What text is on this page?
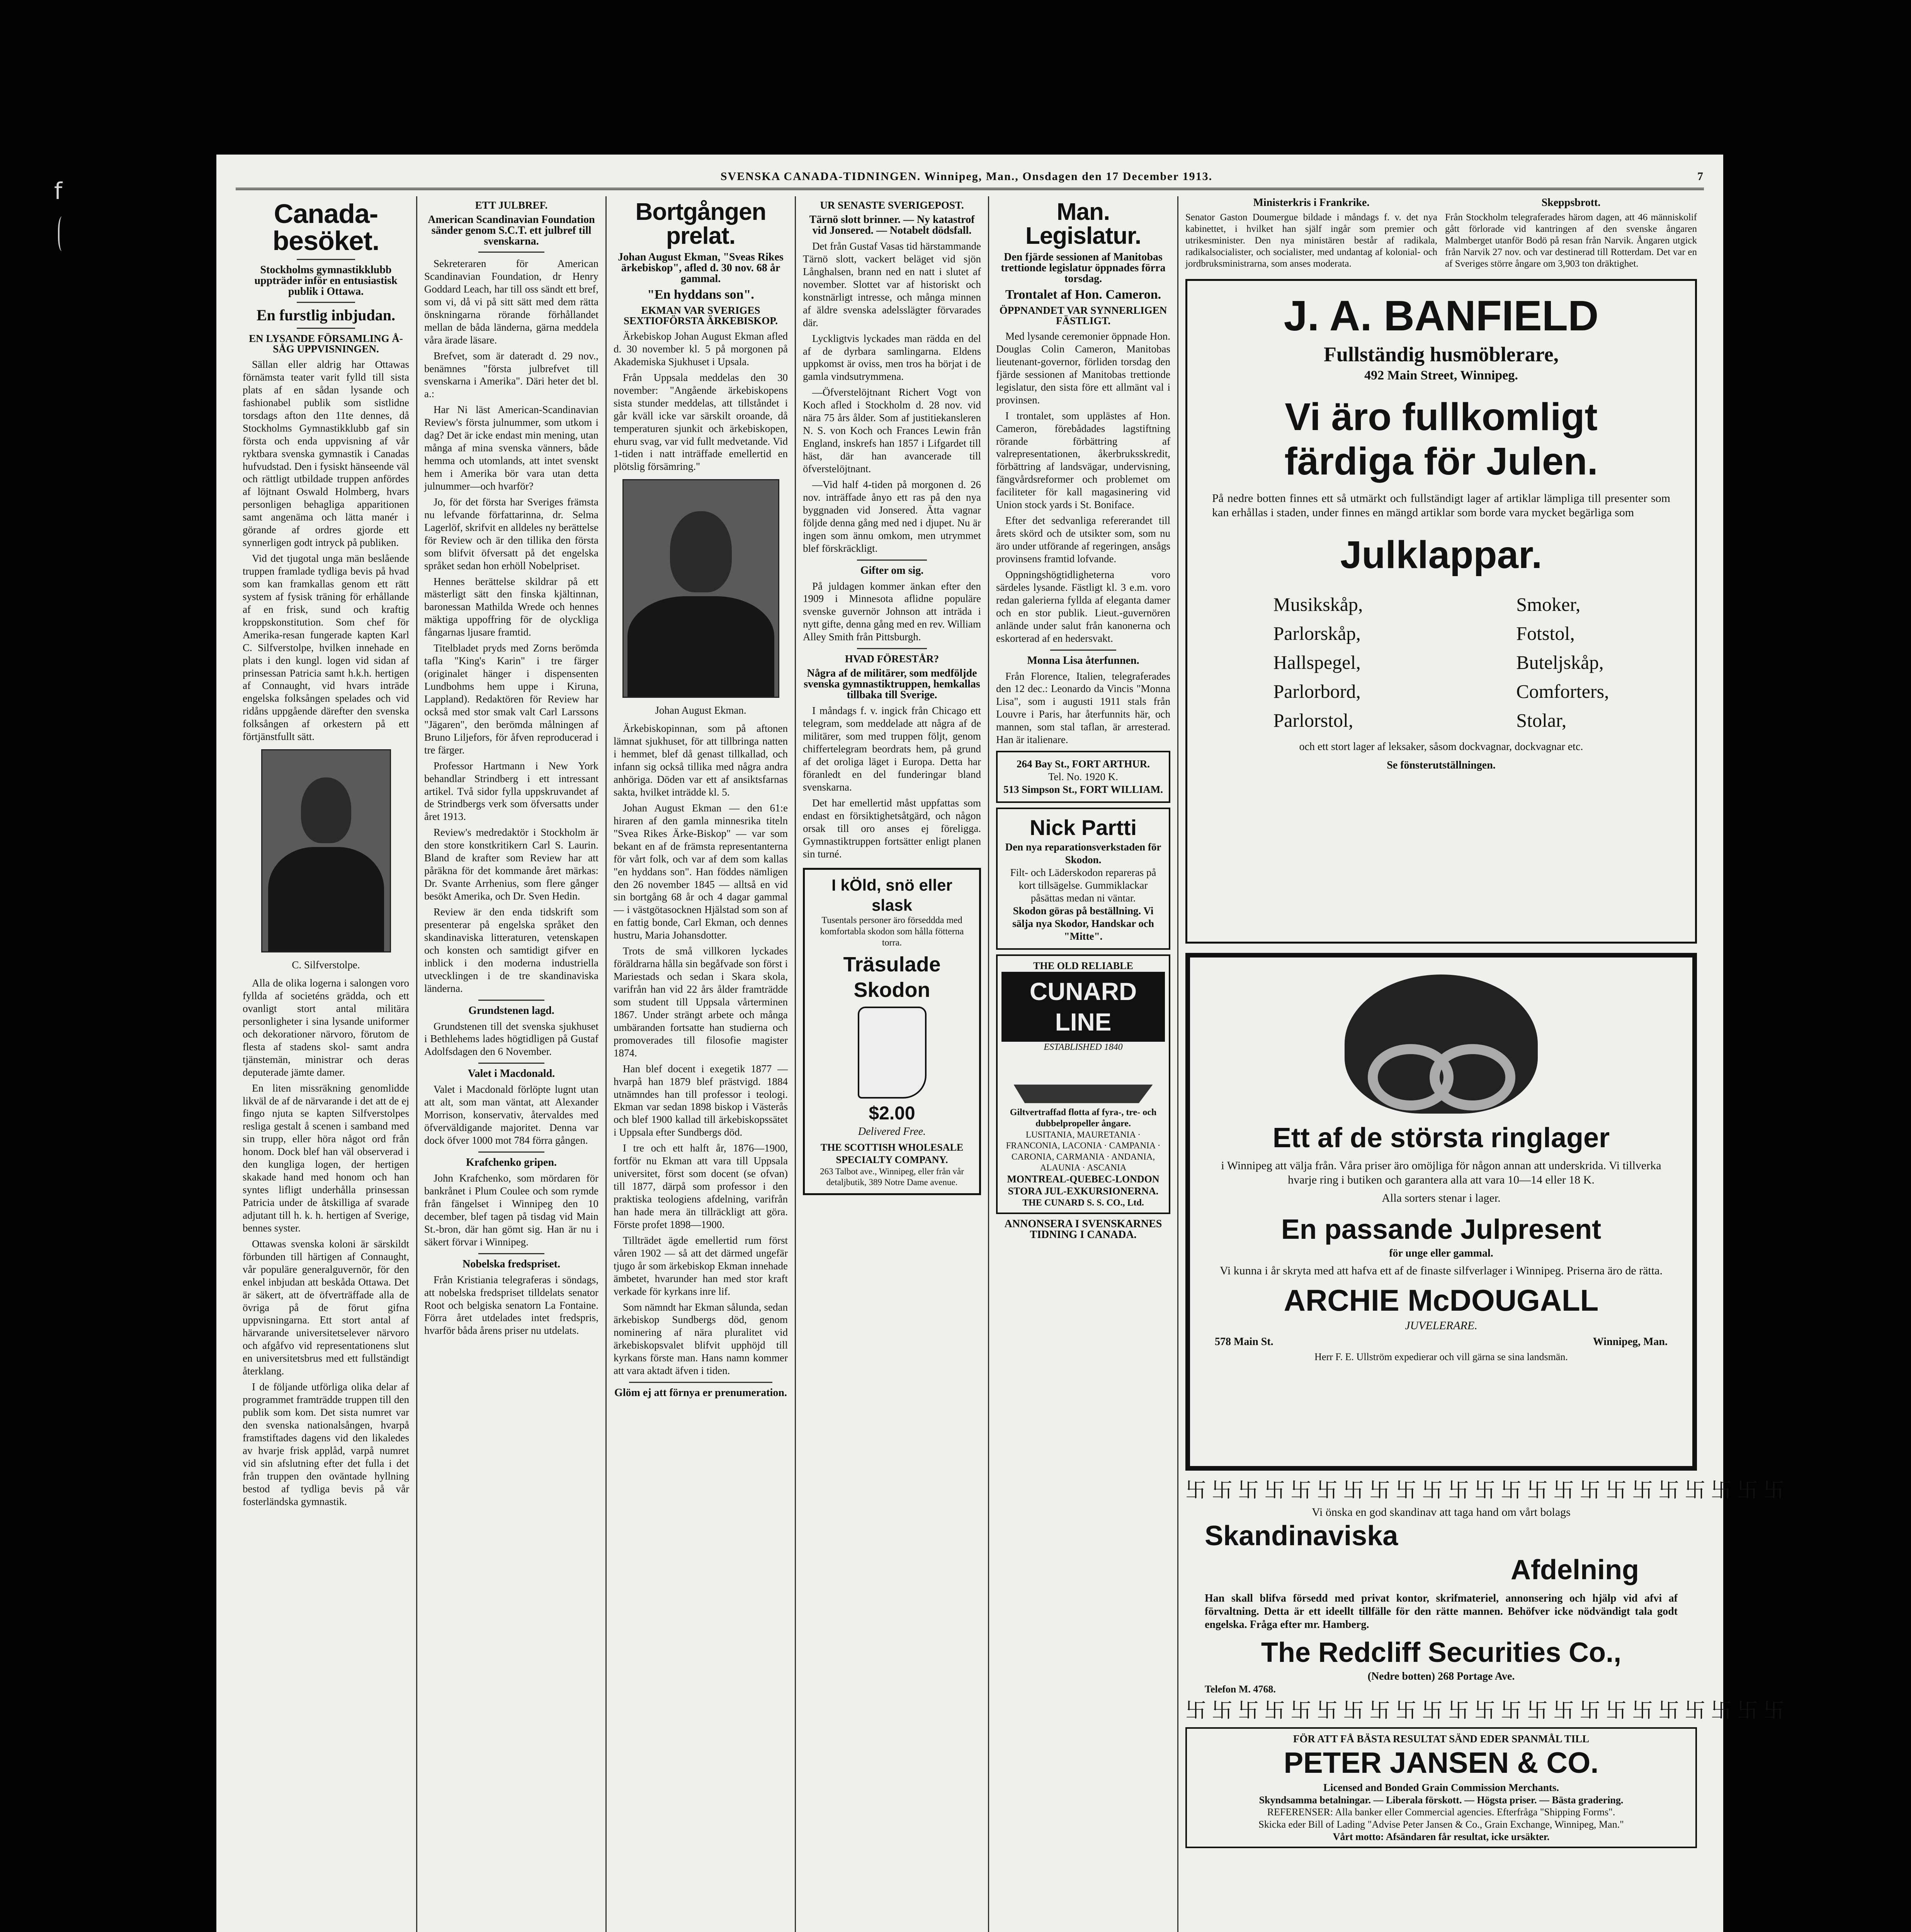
f
SVENSKA CANADA-TIDNINGEN. Winnipeg, Man., Onsdagen den 17 December 1913.	7
Canada-besöket.
Stockholms gymnastikklubb uppträder inför en entusiastisk publik i Ottawa.
En furstlig inbjudan.
EN LYSANDE FÖRSAMLING Å-SÅG UPPVISNINGEN.

Sällan eller aldrig har Ottawas förnämsta teater varit fylld till sista plats af en sådan lysande och fashionabel publik som sistlidne torsdags afton den 11te dennes, då Stockholms Gymnastikklubb gaf sin första och enda uppvisning af vår ryktbara svenska gymnastik i Canadas hufvudstad. Den i fysiskt hänseende väl och rättligt utbildade truppen anfördes af löjtnant Oswald Holmberg, hvars personligen behagliga apparitionen samt angenäma och lätta manér i görande af ordres gjorde ett synnerligen godt intryck på publiken.

Vid det tjugotal unga män beslående truppen framlade tydliga bevis på hvad som kan framkallas genom ett rätt system af fysisk träning för erhållande af en frisk, sund och kraftig kroppskonstitution. Som chef för Amerika-resan fungerade kapten Karl C. Silfverstolpe, hvilken innehade en plats i den kungl. logen vid sidan af prinsessan Patricia samt h.k.h. hertigen af Connaught, vid hvars inträde engelska folksången spelades och vid ridåns uppgående därefter den svenska folksången af orkestern på ett förtjänstfullt sätt.

C. Silfverstolpe.

Alla de olika logerna i salongen voro fyllda af societéns grädda, och ett ovanligt stort antal militära personligheter i sina lysande uniformer och dekorationer närvoro, förutom de flesta af stadens skol- samt andra tjänstemän, ministrar och deras deputerade jämte damer.

En liten missräkning genomlidde likväl de af de närvarande i det att de ej fingo njuta se kapten Silfverstolpes resliga gestalt å scenen i samband med sin trupp, eller höra något ord från honom. Dock blef han väl observerad i den kungliga logen, der hertigen skakade hand med honom och han syntes lifligt underhålla prinsessan Patricia under de åtskilliga af svarade adjutant till h. k. h. hertigen af Sverige, bennes syster.

Ottawas svenska koloni är särskildt förbunden till härtigen af Connaught, vår populäre generalguvernör, för den enkel inbjudan att beskåda Ottawa. Det är säkert, att de öfverträffade alla de övriga på de förut gifna uppvisningarna. Ett stort antal af härvarande universitetselever närvoro och afgåfvo vid representationens slut en universitetsbrus med ett fullständigt återklang.

I de följande utförliga olika delar af programmet framträdde truppen till den publik som kom. Det sista numret var den svenska nationalsången, hvarpå framstiftades dagens vid den likaledes av hvarje frisk applåd, varpå numret vid sin afslutning efter det fulla i det från truppen den oväntade hyllning bestod af tydliga bevis på vår fosterländska gymnastik.

ETT JULBREF.
American Scandinavian Foundation sänder genom S.C.T. ett julbref till svenskarna.

Sekreteraren för American Scandinavian Foundation, dr Henry Goddard Leach, har till oss sändt ett bref, som vi, då vi på sitt sätt med dem rätta önskningarna rörande förhållandet mellan de båda länderna, gärna meddela våra ärade läsare.

Brefvet, som är dateradt d. 29 nov., benämnes "första julbrefvet till svenskarna i Amerika". Däri heter det bl. a.:

Har Ni läst American-Scandinavian Review's första julnummer, som utkom i dag? Det är icke endast min mening, utan många af mina svenska vänners, både hemma och utomlands, att intet svenskt hem i Amerika bör vara utan detta julnummer—och hvarför?

Jo, för det första har Sveriges främsta nu lefvande författarinna, dr. Selma Lagerlöf, skrifvit en alldeles ny berättelse för Review och är den tillika den första som blifvit öfversatt på det engelska språket sedan hon erhöll Nobelpriset.

Hennes berättelse skildrar på ett mästerligt sätt den finska kjältinnan, baronessan Mathilda Wrede och hennes mäktiga uppoffring för de olyckliga fångarnas ljusare framtid.

Titelbladet pryds med Zorns berömda tafla "King's Karin" i tre färger (originalet hänger i dispensenten Lundbohms hem uppe i Kiruna, Lappland). Redaktören för Review har också med stor smak valt Carl Larssons "Jägaren", den berömda målningen af Bruno Liljefors, för åfven reproducerad i tre färger.

Professor Hartmann i New York behandlar Strindberg i ett intressant artikel. Två sidor fylla uppskruvandet af de Strindbergs verk som öfversatts under året 1913.

Review's medredaktör i Stockholm är den store konstkritikern Carl S. Laurin. Bland de krafter som Review har att påräkna för det kommande året märkas: Dr. Svante Arrhenius, som flere gånger besökt Amerika, och Dr. Sven Hedin.

Review är den enda tidskrift som presenterar på engelska språket den skandinaviska litteraturen, vetenskapen och konsten och samtidigt gifver en inblick i den moderna industriella utvecklingen i de tre skandinaviska länderna.

Grundstenen lagd.

Grundstenen till det svenska sjukhuset i Bethlehems lades högtidligen på Gustaf Adolfsdagen den 6 November.

Valet i Macdonald.

Valet i Macdonald förlöpte lugnt utan att alt, som man väntat, att Alexander Morrison, konservativ, återvaldes med öfverväldigande majoritet. Denna var dock öfver 1000 mot 784 förra gången.

Krafchenko gripen.

John Krafchenko, som mördaren för bankrånet i Plum Coulee och som rymde från fängelset i Winnipeg den 10 december, blef tagen på tisdag vid Main St.-bron, där han gömt sig. Han är nu i säkert förvar i Winnipeg.

Nobelska fredspriset.

Från Kristiania telegraferas i söndags, att nobelska fredspriset tilldelats senator Root och belgiska senatorn La Fontaine. Förra året utdelades intet fredspris, hvarför båda årens priser nu utdelats.

Bortgången prelat.
Johan August Ekman, "Sveas Rikes ärkebiskop", afled d. 30 nov. 68 år gammal.
"En hyddans son".
EKMAN VAR SVERIGES SEXTIOFÖRSTA ÄRKEBISKOP.

Ärkebiskop Johan August Ekman afled d. 30 november kl. 5 på morgonen på Akademiska Sjukhuset i Upsala.

Från Uppsala meddelas den 30 november: "Angående ärkebiskopens sista stunder meddelas, att tillståndet i går kväll icke var särskilt oroande, då temperaturen sjunkit och ärkebiskopen, ehuru svag, var vid fullt medvetande. Vid 1-tiden i natt inträffade emellertid en plötslig försämring."

Johan August Ekman.

Ärkebiskopinnan, som på aftonen lämnat sjukhuset, för att tillbringa natten i hemmet, blef då genast tillkallad, och infann sig också tillika med några andra anhöriga. Döden var ett af ansiktsfarnas sakta, hvilket inträdde kl. 5.

Johan August Ekman — den 61:e hiraren af den gamla minnesrika titeln "Svea Rikes Ärke-Biskop" — var som bekant en af de främsta representanterna för vårt folk, och var af dem som kallas "en hyddans son". Han föddes nämligen den 26 november 1845 — alltså en vid sin bortgång 68 år och 4 dagar gammal — i västgötasocknen Hjälstad som son af en fattig bonde, Carl Ekman, och dennes hustru, Maria Johansdotter.

Trots de små villkoren lyckades föräldrarna hålla sin begåfvade son först i Mariestads och sedan i Skara skola, varifrån han vid 22 års ålder framträdde som student till Uppsala vårterminen 1867. Under strängt arbete och många umbäranden fortsatte han studierna och promoverades till filosofie magister 1874.

Han blef docent i exegetik 1877 — hvarpå han 1879 blef prästvigd. 1884 utnämndes han till professor i teologi. Ekman var sedan 1898 biskop i Västerås och blef 1900 kallad till ärkebiskopssätet i Uppsala efter Sundbergs död.

I tre och ett halft år, 1876—1900, fortför nu Ekman att vara till Uppsala universitet, först som docent (se ofvan) till 1877, därpå som professor i den praktiska teologiens afdelning, varifrån han hade mera än tillräckligt att göra. Förste profet 1898—1900.

Tillträdet ägde emellertid rum först våren 1902 — så att det därmed ungefär tjugo år som ärkebiskop Ekman innehade ämbetet, hvarunder han med stor kraft verkade för kyrkans inre lif.

Som nämndt har Ekman sålunda, sedan ärkebiskop Sundbergs död, genom nominering af nära pluralitet vid ärkebiskopsvalet blifvit upphöjd till kyrkans förste man. Hans namn kommer att vara aktadt äfven i tiden.

Glöm ej att förnya er prenumeration.
UR SENASTE SVERIGEPOST.
Tärnö slott brinner. — Ny katastrof vid Jonsered. — Notabelt dödsfall.

Det från Gustaf Vasas tid härstammande Tärnö slott, vackert beläget vid sjön Långhalsen, brann ned en natt i slutet af november. Slottet var af historiskt och konstnärligt intresse, och många minnen af äldre svenska adelsslägter förvarades där.

Lyckligtvis lyckades man rädda en del af de dyrbara samlingarna. Eldens uppkomst är oviss, men tros ha börjat i de gamla vindsutrymmena.

—Öfverstelöjtnant Richert Vogt von Koch afled i Stockholm d. 28 nov. vid nära 75 års ålder. Som af justitiekansleren N. S. von Koch och Frances Lewin från England, inskrefs han 1857 i Lifgardet till häst, där han avancerade till öfverstelöjtnant.

—Vid half 4-tiden på morgonen d. 26 nov. inträffade ånyo ett ras på den nya byggnaden vid Jonsered. Ätta vagnar följde denna gång med ned i djupet. Nu är ingen som ännu omkom, men utrymmet blef förskräckligt.

Gifter om sig.

På juldagen kommer änkan efter den 1909 i Minnesota aflidne populäre svenske guvernör Johnson att inträda i nytt gifte, denna gång med en rev. William Alley Smith från Pittsburgh.

HVAD FÖRESTÅR?
Några af de militärer, som medföljde svenska gymnastiktruppen, hemkallas tillbaka till Sverige.

I måndags f. v. ingick från Chicago ett telegram, som meddelade att några af de militärer, som med truppen följt, genom chiffertelegram beordrats hem, på grund af det oroliga läget i Europa. Detta har föranledt en del funderingar bland svenskarna.

Det har emellertid måst uppfattas som endast en försiktighetsåtgärd, och någon orsak till oro anses ej föreligga. Gymnastiktruppen fortsätter enligt planen sin turné.

I kÖld, snö eller slask
Tusentals personer äro förseddda med komfortabla skodon som hålla fötterna torra.
Träsulade Skodon
$2.00
Delivered Free.
THE SCOTTISH WHOLESALE SPECIALTY COMPANY.
263 Talbot ave., Winnipeg, eller från vår detaljbutik, 389 Notre Dame avenue.
Man. Legislatur.
Den fjärde sessionen af Manitobas trettionde legislatur öppnades förra torsdag.
Trontalet af Hon. Cameron.
ÖPPNANDET VAR SYNNERLIGEN FÄSTLIGT.

Med lysande ceremonier öppnade Hon. Douglas Colin Cameron, Manitobas lieutenant-governor, förliden torsdag den fjärde sessionen af Manitobas trettionde legislatur, den sista före ett allmänt val i provinsen.

I trontalet, som upplästes af Hon. Cameron, förebådades lagstiftning rörande förbättring af valrepresentationen, åkerbruksskredit, förbättring af landsvägar, undervisning, fängvårdsreformer och problemet om faciliteter för kall magasinering vid Union stock yards i St. Boniface.

Efter det sedvanliga refererandet till årets skörd och de utsikter som, som nu äro under utförande af regeringen, ansågs provinsens framtid lofvande.

Oppningshögtidligheterna voro särdeles lysande. Fästligt kl. 3 e.m. voro redan galerierna fyllda af eleganta damer och en stor publik. Lieut.-guvernören anlände under salut från kanonerna och eskorterad af en hedersvakt.

Monna Lisa återfunnen.

Från Florence, Italien, telegraferades den 12 dec.: Leonardo da Vincis "Monna Lisa", som i augusti 1911 stals från Louvre i Paris, har återfunnits här, och mannen, som stal taflan, är arresterad. Han är italienare.

264 Bay St., FORT ARTHUR.
Tel. No. 1920 K.
513 Simpson St., FORT WILLIAM.
Nick Partti
Den nya reparationsverkstaden för Skodon.
Filt- och Läderskodon repareras på kort tillsägelse. Gummiklackar påsättas medan ni väntar.
Skodon göras på beställning. Vi sälja nya Skodor, Handskar och "Mitte".
THE OLD RELIABLE
CUNARD LINE
ESTABLISHED 1840
Giltvertraffad flotta af fyra-, tre- och dubbelpropeller ångare.
LUSITANIA, MAURETANIA · FRANCONIA, LACONIA · CAMPANIA · CARONIA, CARMANIA · ANDANIA, ALAUNIA · ASCANIA
MONTREAL-QUEBEC-LONDON
STORA JUL-EXKURSIONERNA.
THE CUNARD S. S. CO., Ltd.
ANNONSERA I SVENSKARNES TIDNING I CANADA.
Ministerkris i Frankrike.
Senator Gaston Doumergue bildade i måndags f. v. det nya kabinettet, i hvilket han själf ingår som premier och utrikesminister. Den nya ministären består af radikala, radikalsocialister, och socialister, med undantag af kolonial- och jordbruksministrarna, som anses moderata.
Skeppsbrott.
Från Stockholm telegraferades härom dagen, att 46 människolif gått förlorade vid kantringen af den svenske ångaren Malmberget utanför Bodö på resan från Narvik. Ångaren utgick från Narvik 27 nov. och var destinerad till Rotterdam. Det var en af Sveriges större ångare om 3,903 ton dräktighet.
J. A. BANFIELD
Fullständig husmöblerare,
492 Main Street, Winnipeg.
Vi äro fullkomligt färdiga för Julen.
På nedre botten finnes ett så utmärkt och fullständigt lager af artiklar lämpliga till presenter som kan erhållas i staden, under finnes en mängd artiklar som borde vara mycket begärliga som
Julklappar.
Musikskåp,
Parlorskåp,
Hallspegel,
Parlorbord,
Parlorstol,
Smoker,
Fotstol,
Buteljskåp,
Comforters,
Stolar,
och ett stort lager af leksaker, såsom dockvagnar, dockvagnar etc.
Se fönsterutställningen.
Ett af de största ringlager
i Winnipeg att välja från. Våra priser äro omöjliga för någon annan att underskrida. Vi tillverka hvarje ring i butiken och garantera alla att vara 10—14 eller 18 K.
Alla sorters stenar i lager.
En passande Julpresent
för unge eller gammal.
Vi kunna i år skryta med att hafva ett af de finaste silfverlager i Winnipeg. Priserna äro de rätta.
ARCHIE McDOUGALL
JUVELERARE.
578 Main St.	Winnipeg, Man.
Herr F. E. Ullström expedierar och vill gärna se sina landsmän.
卐卐卐卐卐卐卐卐卐卐卐卐卐卐卐卐卐卐卐卐卐卐卐
Vi önska en god skandinav att taga hand om vårt bolags
Skandinaviska
Afdelning
Han skall blifva försedd med privat kontor, skrifmateriel, annonsering och hjälp vid afvi af förvaltning. Detta är ett ideellt tillfälle för den rätte mannen. Behöfver icke nödvändigt tala godt engelska. Fråga efter mr. Hamberg.
The Redcliff Securities Co.,
(Nedre botten) 268 Portage Ave.
Telefon M. 4768.
卐卐卐卐卐卐卐卐卐卐卐卐卐卐卐卐卐卐卐卐卐卐卐
FÖR ATT FÅ BÄSTA RESULTAT SÄND EDER SPANMÅL TILL
PETER JANSEN & CO.
Licensed and Bonded Grain Commission Merchants.
Skyndsamma betalningar. — Liberala förskott. — Högsta priser. — Bästa gradering.
REFERENSER: Alla banker eller Commercial agencies. Efterfråga "Shipping Forms".
Skicka eder Bill of Lading "Advise Peter Jansen & Co., Grain Exchange, Winnipeg, Man."
Vårt motto: Afsändaren får resultat, icke ursäkter.
